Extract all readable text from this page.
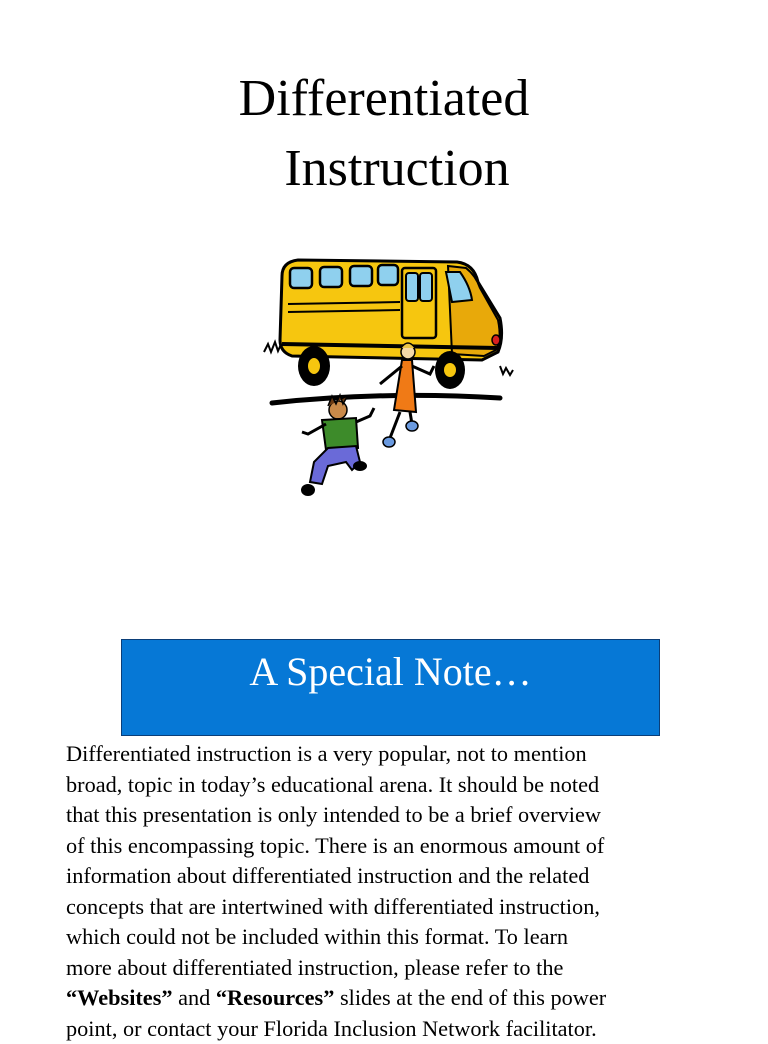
Differentiated
Instruction
A Special Note…

Differentiated instruction is a very popular, not to mention
broad, topic in today’s educational arena. It should be noted
that this presentation is only intended to be a brief overview
of this encompassing topic. There is an enormous amount of
information about differentiated instruction and the related
concepts that are intertwined with differentiated instruction,
which could not be included within this format. To learn
more about differentiated instruction, please refer to the
“Websites” and “Resources” slides at the end of this power
point, or contact your Florida Inclusion Network facilitator.
